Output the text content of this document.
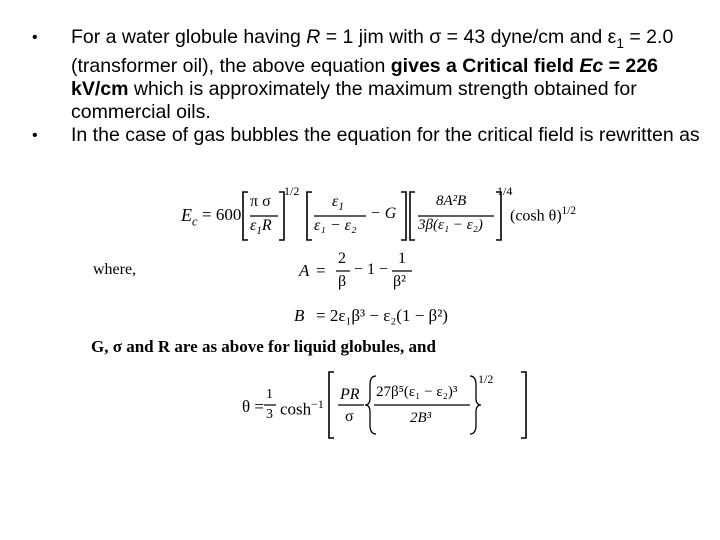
• For a water globule having R = 1 jim with σ = 43 dyne/cm and $\varepsilon_1 = 2.0$ (transformer oil), the above equation gives a Critical field Ec = 226 kV/cm which is approximately the maximum strength obtained for commercial oils.
• In the case of gas bubbles the equation for the critical field is rewritten as
$E_c = 600$
π σ
$\varepsilon_1R$
1/2
$\varepsilon_1$
ε₁ − ε₂
− G
8A²B
3β(ε₁ − ε₂)
1/4
(cosh θ)$^{1/2}$
where,	A =
2
β
− 1 −
1
β²
B = 2ε₁β³ − ε₂(1 − β²)
G, σ and R are as above for liquid globules, and
θ =
1
3 $\cosh^{-1}$
PR
σ
27β⁵(ε₁ − ε₂)³
2B³
1/2
